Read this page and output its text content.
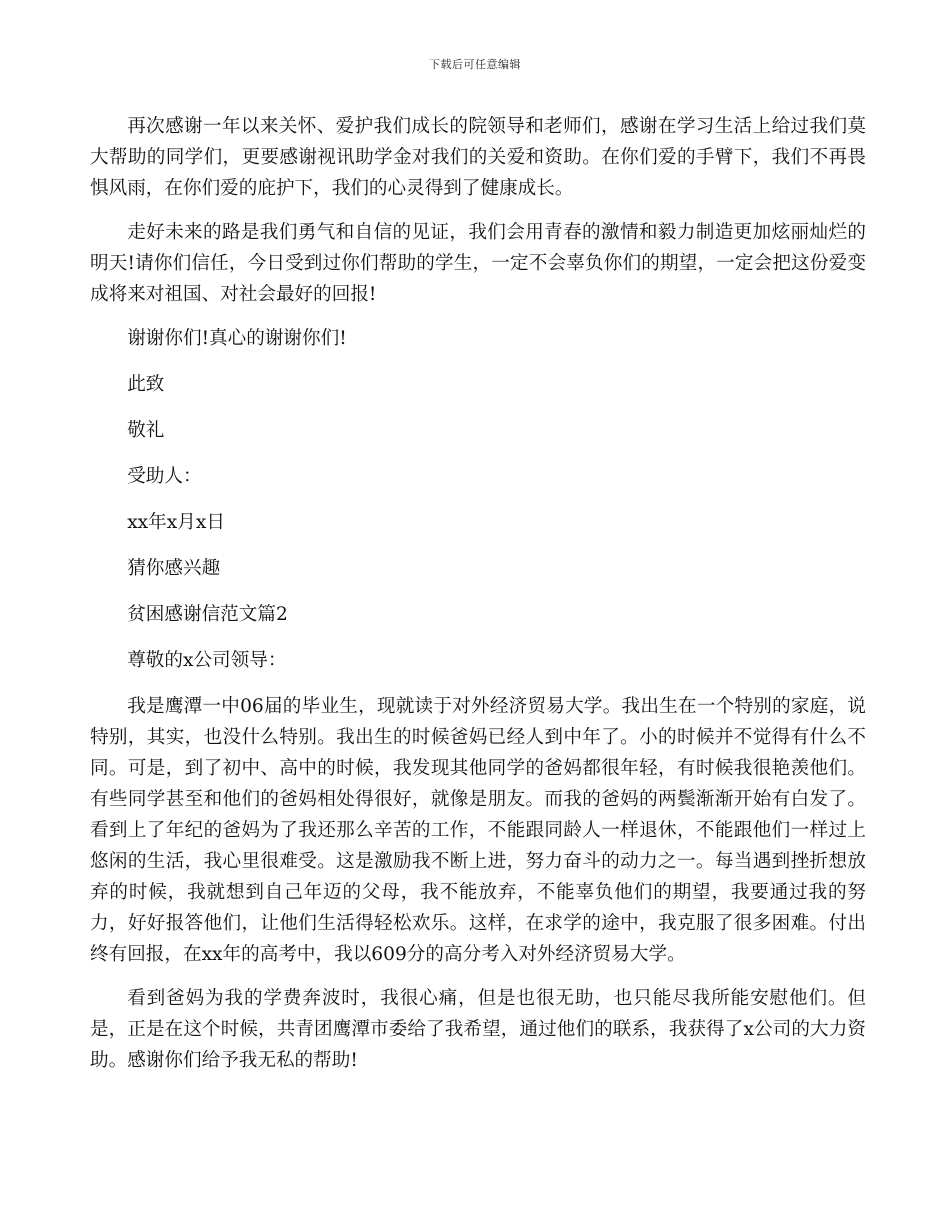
下载后可任意编辑

再次感谢一年以来关怀、爱护我们成长的院领导和老师们，感谢在学习生活上给过我们莫大帮助的同学们，更要感谢视讯助学金对我们的关爱和资助。在你们爱的手臂下，我们不再畏惧风雨，在你们爱的庇护下，我们的心灵得到了健康成长。

走好未来的路是我们勇气和自信的见证，我们会用青春的激情和毅力制造更加炫丽灿烂的明天!请你们信任，今日受到过你们帮助的学生，一定不会辜负你们的期望，一定会把这份爱变成将来对祖国、对社会最好的回报!

谢谢你们!真心的谢谢你们!

此致

敬礼

受助人：

xx年x月x日

猜你感兴趣

贫困感谢信范文篇2

尊敬的x公司领导：

我是鹰潭一中06届的毕业生，现就读于对外经济贸易大学。我出生在一个特别的家庭，说特别，其实，也没什么特别。我出生的时候爸妈已经人到中年了。小的时候并不觉得有什么不同。可是，到了初中、高中的时候，我发现其他同学的爸妈都很年轻，有时候我很艳羡他们。有些同学甚至和他们的爸妈相处得很好，就像是朋友。而我的爸妈的两鬓渐渐开始有白发了。看到上了年纪的爸妈为了我还那么辛苦的工作，不能跟同龄人一样退休，不能跟他们一样过上悠闲的生活，我心里很难受。这是激励我不断上进，努力奋斗的动力之一。每当遇到挫折想放弃的时候，我就想到自己年迈的父母，我不能放弃，不能辜负他们的期望，我要通过我的努力，好好报答他们，让他们生活得轻松欢乐。这样，在求学的途中，我克服了很多困难。付出终有回报，在xx年的高考中，我以609分的高分考入对外经济贸易大学。

看到爸妈为我的学费奔波时，我很心痛，但是也很无助，也只能尽我所能安慰他们。但是，正是在这个时候，共青团鹰潭市委给了我希望，通过他们的联系，我获得了x公司的大力资助。感谢你们给予我无私的帮助!
